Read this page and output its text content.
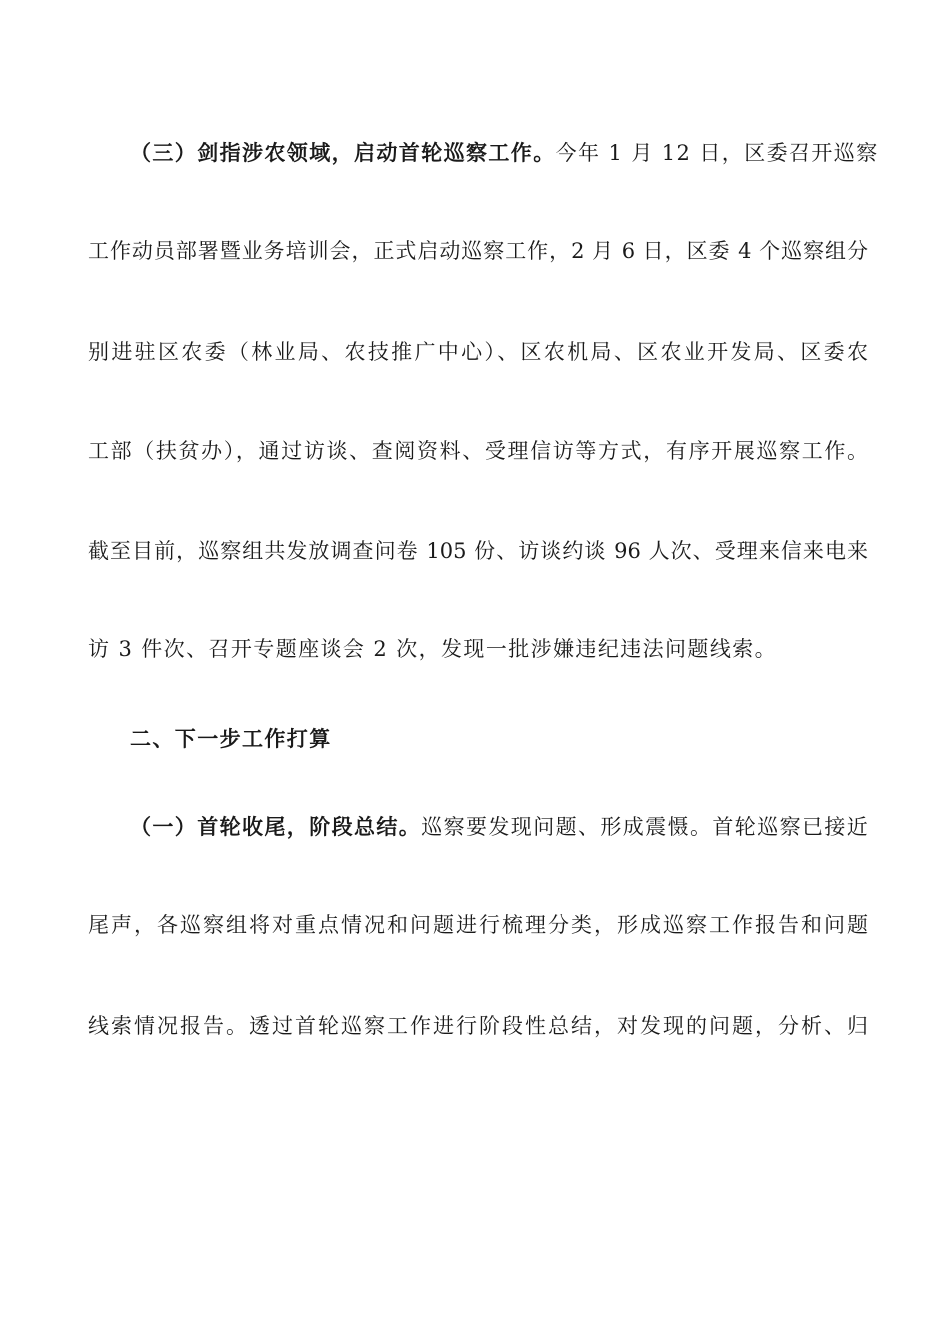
（三）剑指涉农领域，启动首轮巡察工作。今年 1 月 12 日，区委召开巡察
工作动员部署暨业务培训会，正式启动巡察工作，2 月 6 日，区委 4 个巡察组分
别进驻区农委（林业局、农技推广中心）、区农机局、区农业开发局、区委农
工部（扶贫办），通过访谈、查阅资料、受理信访等方式，有序开展巡察工作。
截至目前，巡察组共发放调查问卷 105 份、访谈约谈 96 人次、受理来信来电来
访 3 件次、召开专题座谈会 2 次，发现一批涉嫌违纪违法问题线索。
二、下一步工作打算
（一）首轮收尾，阶段总结。巡察要发现问题、形成震慑。首轮巡察已接近
尾声，各巡察组将对重点情况和问题进行梳理分类，形成巡察工作报告和问题
线索情况报告。透过首轮巡察工作进行阶段性总结，对发现的问题，分析、归
